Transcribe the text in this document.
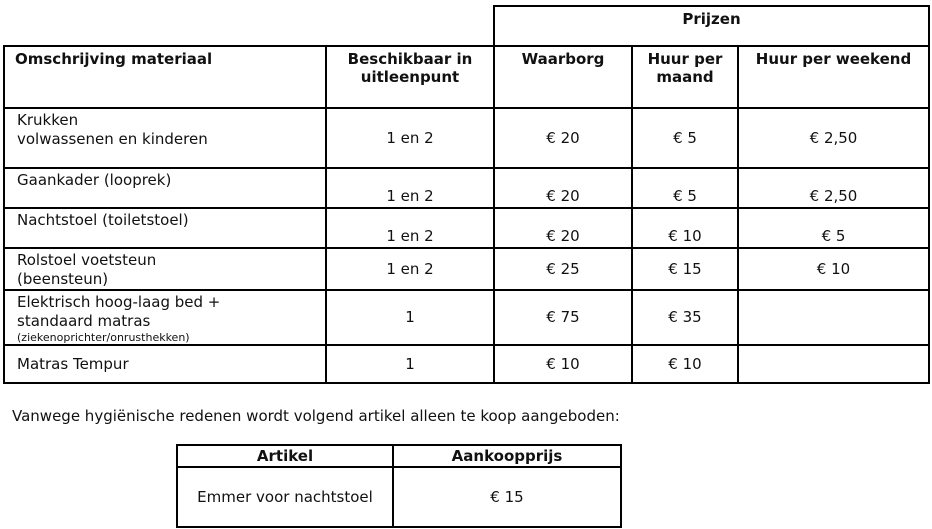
		Prijzen		
Omschrijving materiaal	Beschikbaar in uitleenpunt	Waarborg	Huur per maand	Huur per weekend

Krukken
volwassenen en kinderen	1 en 2	€ 20	€ 5	€ 2,50

Gaankader (looprek)	1 en 2	€ 20	€ 5	€ 2,50

Nachtstoel (toiletstoel)	1 en 2	€ 20	€ 10	€ 5

Rolstoel voetsteun
(beensteun)	1 en 2	€ 25	€ 15	€ 10

Elektrisch hoog-laag bed +
standaard matras
(ziekenoprichter/onrusthekken)	1	€ 75	€ 35	

Matras Tempur	1	€ 10	€ 10	
Vanwege hygiënische redenen wordt volgend artikel alleen te koop aangeboden:
Artikel	Aankoopprijs
Emmer voor nachtstoel	€ 15
